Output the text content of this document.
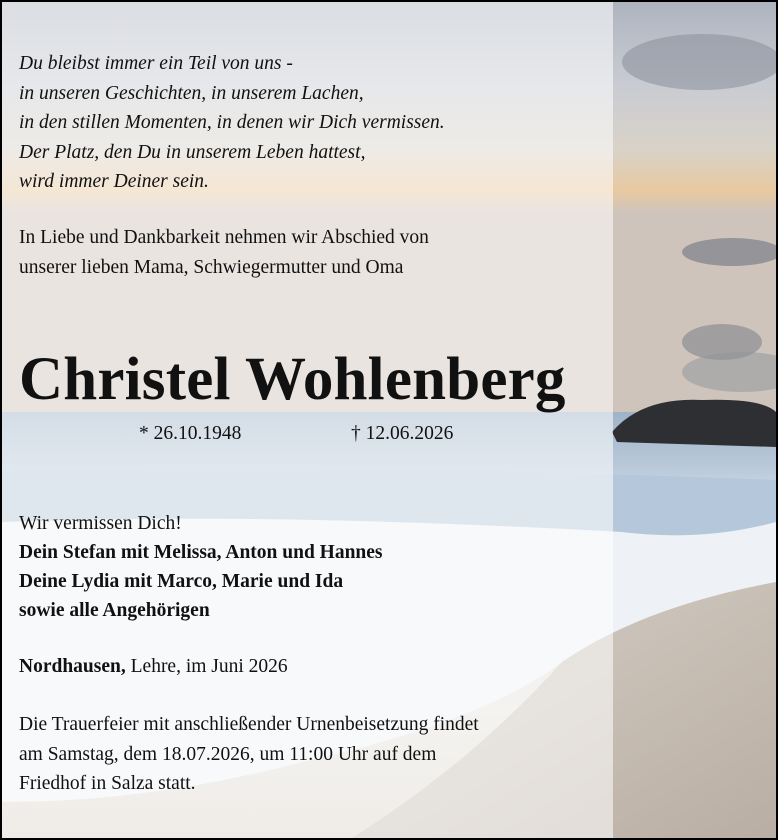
Du bleibst immer ein Teil von uns -
in unseren Geschichten, in unserem Lachen,
in den stillen Momenten, in denen wir Dich vermissen.
Der Platz, den Du in unserem Leben hattest,
wird immer Deiner sein.
In Liebe und Dankbarkeit nehmen wir Abschied von
unserer lieben Mama, Schwiegermutter und Oma
Christel Wohlenberg
* 26.10.1948	† 12.06.2026
Wir vermissen Dich!
Dein Stefan mit Melissa, Anton und Hannes
Deine Lydia mit Marco, Marie und Ida
sowie alle Angehörigen
Nordhausen, Lehre, im Juni 2026
Die Trauerfeier mit anschließender Urnenbeisetzung findet
am Samstag, dem 18.07.2026, um 11:00 Uhr auf dem
Friedhof in Salza statt.
